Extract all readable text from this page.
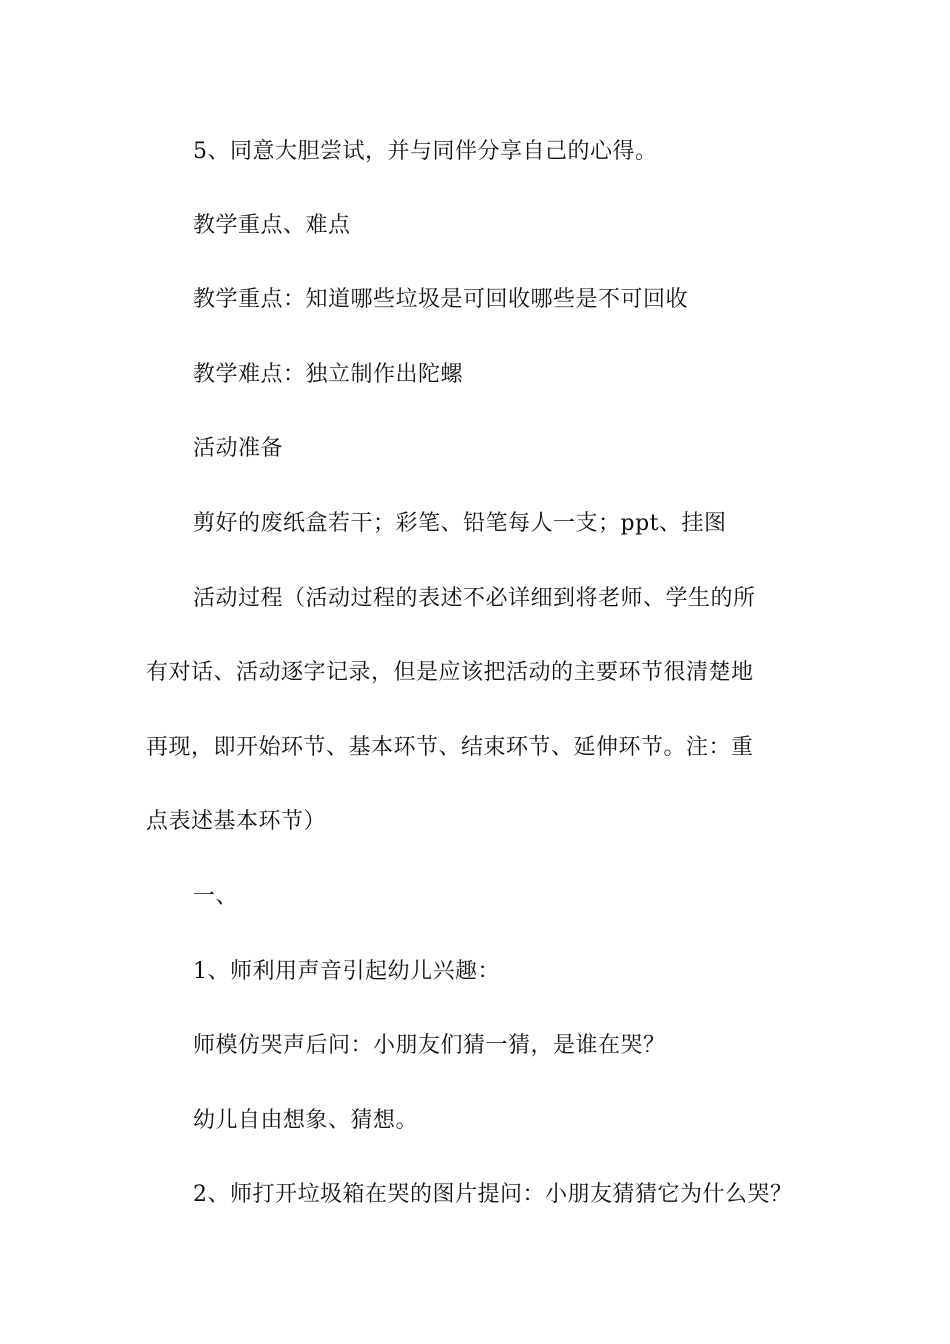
5、同意大胆尝试，并与同伴分享自己的心得。
教学重点、难点
教学重点：知道哪些垃圾是可回收哪些是不可回收
教学难点：独立制作出陀螺
活动准备
剪好的废纸盒若干；彩笔、铅笔每人一支；ppt、挂图
活动过程（活动过程的表述不必详细到将老师、学生的所
有对话、活动逐字记录，但是应该把活动的主要环节很清楚地
再现，即开始环节、基本环节、结束环节、延伸环节。注：重
点表述基本环节）
一、
1、师利用声音引起幼儿兴趣：
师模仿哭声后问：小朋友们猜一猜，是谁在哭？
幼儿自由想象、猜想。
2、师打开垃圾箱在哭的图片提问：小朋友猜猜它为什么哭？
